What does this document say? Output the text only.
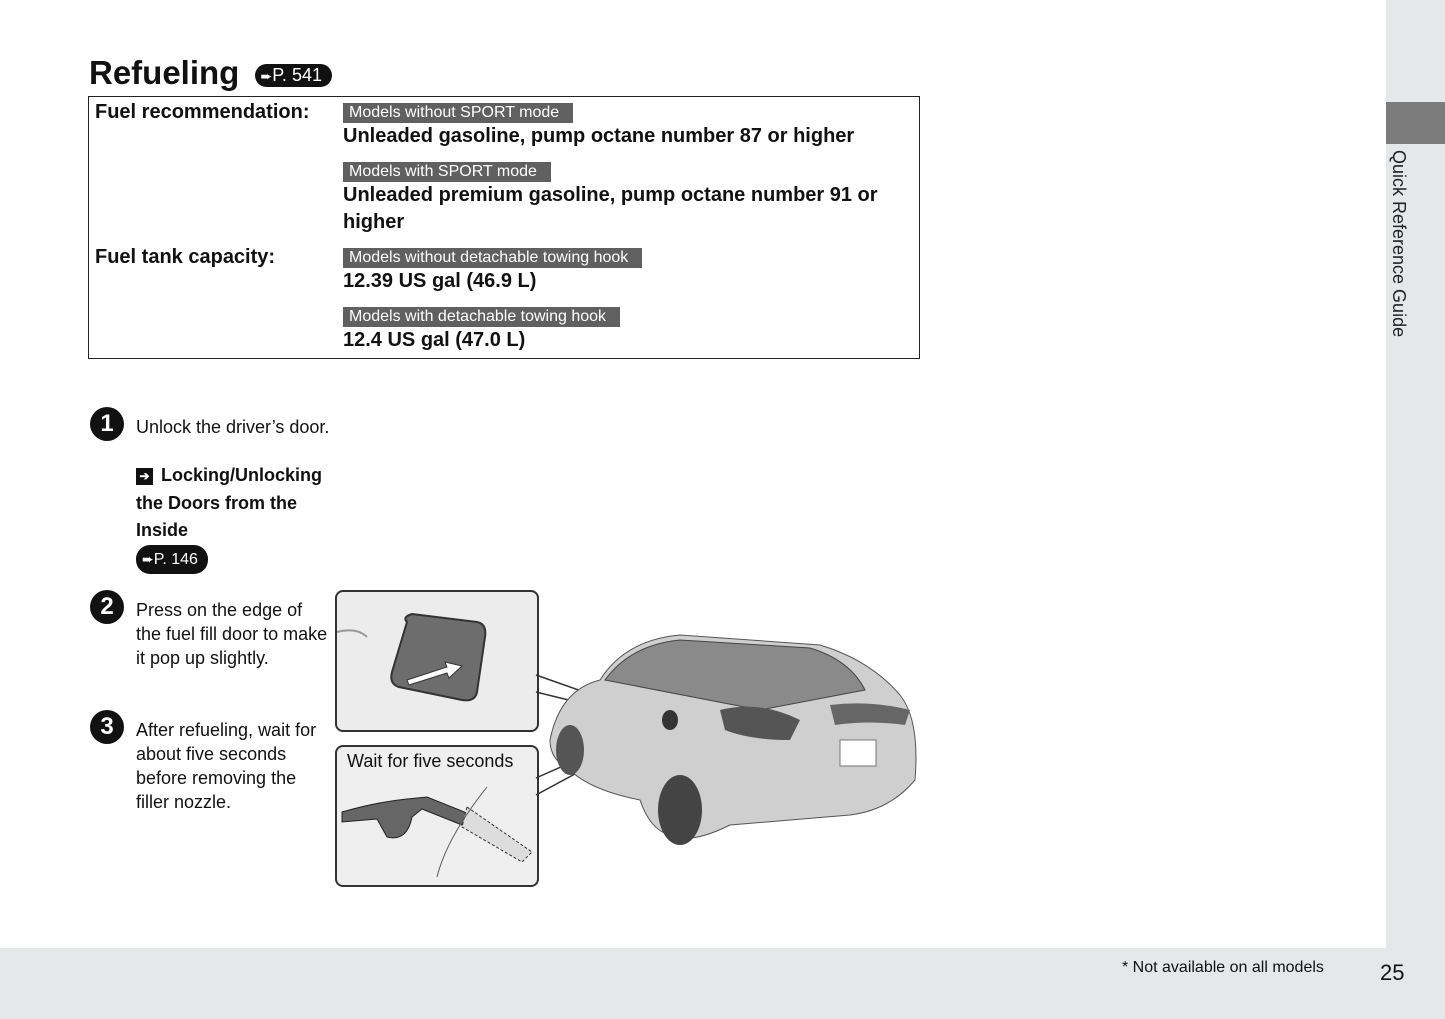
Quick Reference Guide
* Not available on all models	25
Refueling ➨P. 541
Fuel recommendation:	Models without SPORT mode
Unleaded gasoline, pump octane number 87 or higher
Models with SPORT mode
Unleaded premium gasoline, pump octane number 91 or higher
Fuel tank capacity:	Models without detachable towing hook
12.39 US gal (46.9 L)
Models with detachable towing hook
12.4 US gal (47.0 L)
1	Unlock the driver’s door.
➔ Locking/Unlocking the Doors from the Inside
➨P. 146
2	Press on the edge of the fuel fill door to make it pop up slightly.
3	After refueling, wait for about five seconds before removing the filler nozzle.
Wait for five seconds
